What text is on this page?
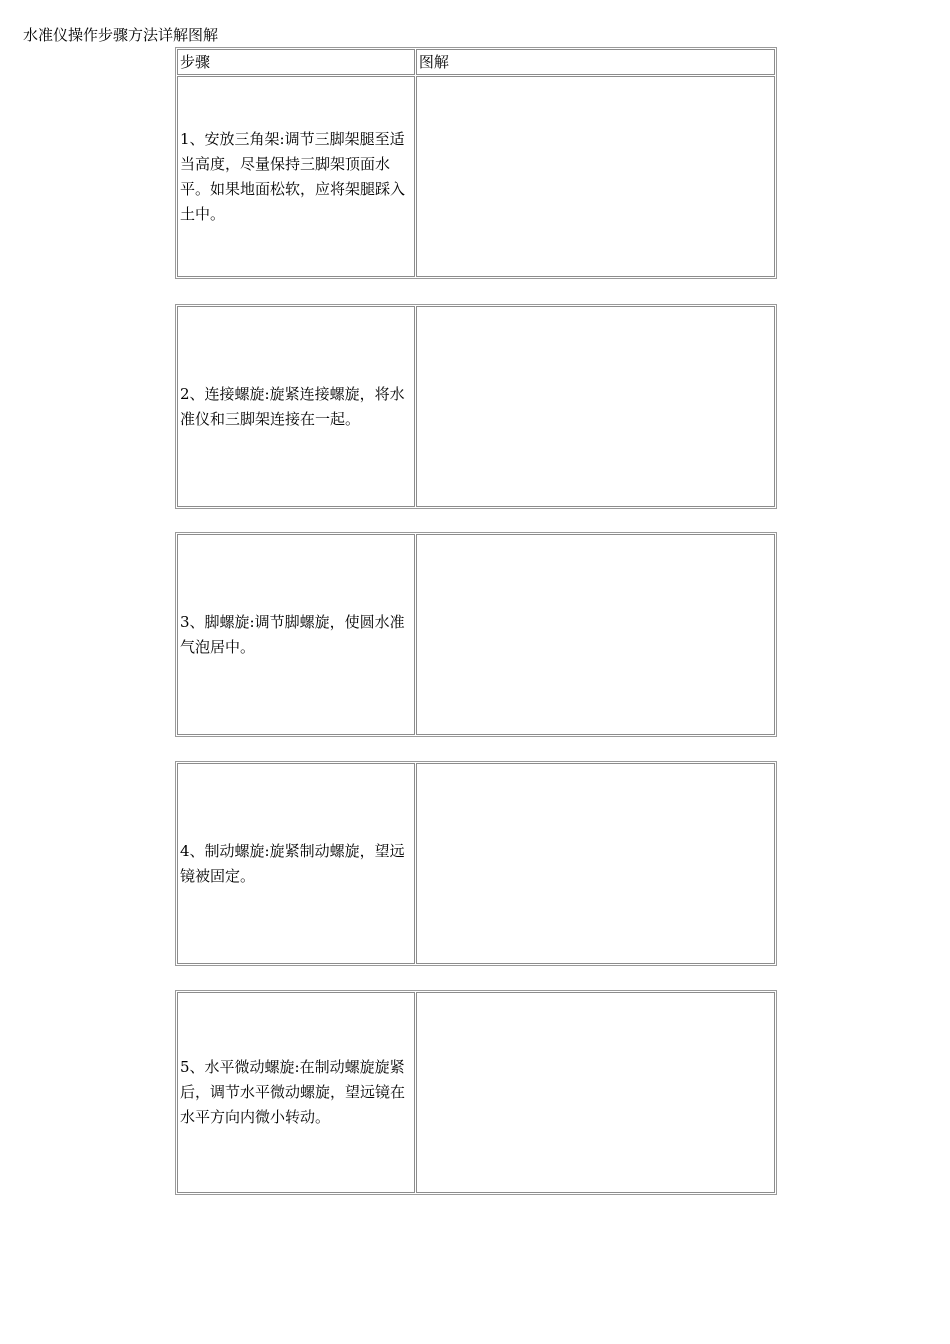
水准仪操作步骤方法详解图解
步骤	图解
1、安放三角架:调节三脚架腿至适当高度，尽量保持三脚架顶面水平。如果地面松软，应将架腿踩入土中。	
2、连接螺旋:旋紧连接螺旋，将水准仪和三脚架连接在一起。	
3、脚螺旋:调节脚螺旋，使圆水准气泡居中。	
4、制动螺旋:旋紧制动螺旋，望远镜被固定。	
5、水平微动螺旋:在制动螺旋旋紧后，调节水平微动螺旋，望远镜在水平方向内微小转动。	
